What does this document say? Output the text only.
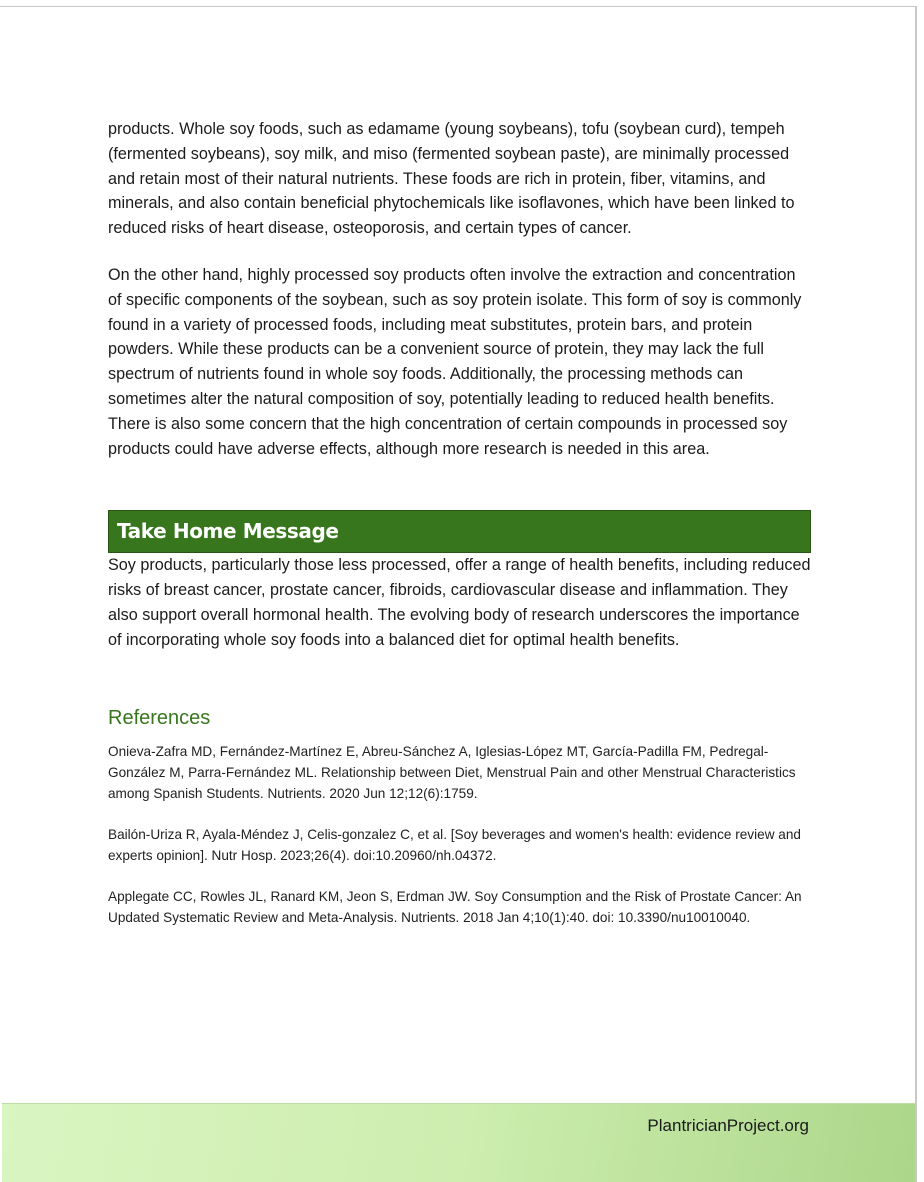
products. Whole soy foods, such as edamame (young soybeans), tofu (soybean curd), tempeh (fermented soybeans), soy milk, and miso (fermented soybean paste), are minimally processed and retain most of their natural nutrients. These foods are rich in protein, fiber, vitamins, and minerals, and also contain beneficial phytochemicals like isoflavones, which have been linked to reduced risks of heart disease, osteoporosis, and certain types of cancer.

On the other hand, highly processed soy products often involve the extraction and concentration of specific components of the soybean, such as soy protein isolate. This form of soy is commonly found in a variety of processed foods, including meat substitutes, protein bars, and protein powders. While these products can be a convenient source of protein, they may lack the full spectrum of nutrients found in whole soy foods. Additionally, the processing methods can sometimes alter the natural composition of soy, potentially leading to reduced health benefits. There is also some concern that the high concentration of certain compounds in processed soy products could have adverse effects, although more research is needed in this area.

Take Home Message

Soy products, particularly those less processed, offer a range of health benefits, including reduced risks of breast cancer, prostate cancer, fibroids, cardiovascular disease and inflammation. They also support overall hormonal health. The evolving body of research underscores the importance of incorporating whole soy foods into a balanced diet for optimal health benefits.

References

Onieva-Zafra MD, Fernández-Martínez E, Abreu-Sánchez A, Iglesias-López MT, García-Padilla FM, Pedregal-González M, Parra-Fernández ML. Relationship between Diet, Menstrual Pain and other Menstrual Characteristics among Spanish Students. Nutrients. 2020 Jun 12;12(6):1759.

Bailón-Uriza R, Ayala-Méndez J, Celis-gonzalez C, et al. [Soy beverages and women's health: evidence review and experts opinion]. Nutr Hosp. 2023;26(4). doi:10.20960/nh.04372.

Applegate CC, Rowles JL, Ranard KM, Jeon S, Erdman JW. Soy Consumption and the Risk of Prostate Cancer: An Updated Systematic Review and Meta-Analysis. Nutrients. 2018 Jan 4;10(1):40. doi: 10.3390/nu10010040.

PlantricianProject.org
